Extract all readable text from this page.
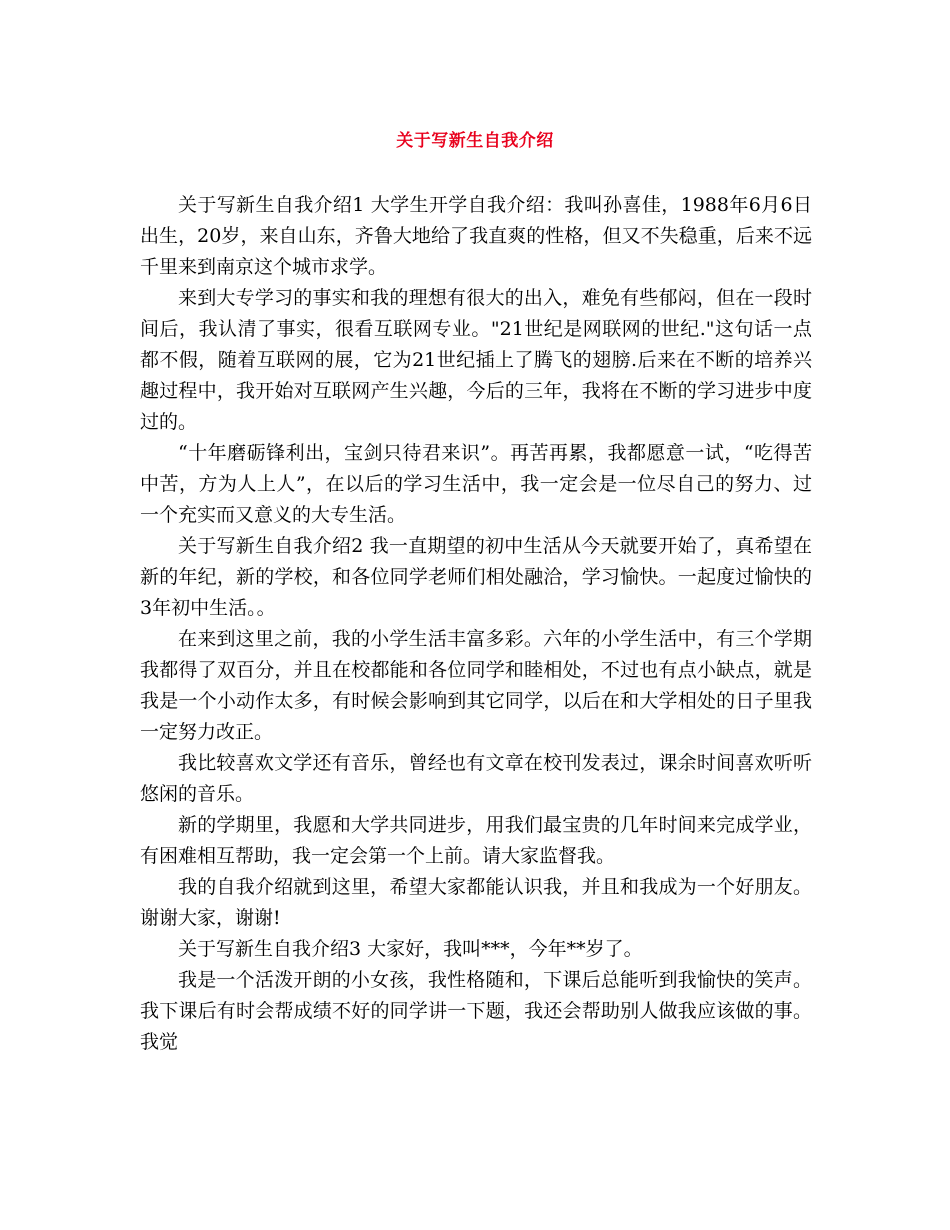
关于写新生自我介绍

关于写新生自我介绍1 大学生开学自我介绍：我叫孙喜佳，1988年6月6日出生，20岁，来自山东，齐鲁大地给了我直爽的性格，但又不失稳重，后来不远千里来到南京这个城市求学。

来到大专学习的事实和我的理想有很大的出入，难免有些郁闷，但在一段时间后，我认清了事实，很看互联网专业。"21世纪是网联网的世纪."这句话一点都不假，随着互联网的展，它为21世纪插上了腾飞的翅膀.后来在不断的培养兴趣过程中，我开始对互联网产生兴趣，今后的三年，我将在不断的学习进步中度过的。

“十年磨砺锋利出，宝剑只待君来识”。再苦再累，我都愿意一试，“吃得苦中苦，方为人上人”，在以后的学习生活中，我一定会是一位尽自己的努力、过一个充实而又意义的大专生活。

关于写新生自我介绍2 我一直期望的初中生活从今天就要开始了，真希望在新的年纪，新的学校，和各位同学老师们相处融洽，学习愉快。一起度过愉快的3年初中生活。。

在来到这里之前，我的小学生活丰富多彩。六年的小学生活中，有三个学期我都得了双百分，并且在校都能和各位同学和睦相处，不过也有点小缺点，就是我是一个小动作太多，有时候会影响到其它同学，以后在和大学相处的日子里我一定努力改正。

我比较喜欢文学还有音乐，曾经也有文章在校刊发表过，课余时间喜欢听听悠闲的音乐。

新的学期里，我愿和大学共同进步，用我们最宝贵的几年时间来完成学业，有困难相互帮助，我一定会第一个上前。请大家监督我。

我的自我介绍就到这里，希望大家都能认识我，并且和我成为一个好朋友。谢谢大家，谢谢!

关于写新生自我介绍3 大家好，我叫***，今年**岁了。

我是一个活泼开朗的小女孩，我性格随和，下课后总能听到我愉快的笑声。我下课后有时会帮成绩不好的同学讲一下题，我还会帮助别人做我应该做的事。我觉
